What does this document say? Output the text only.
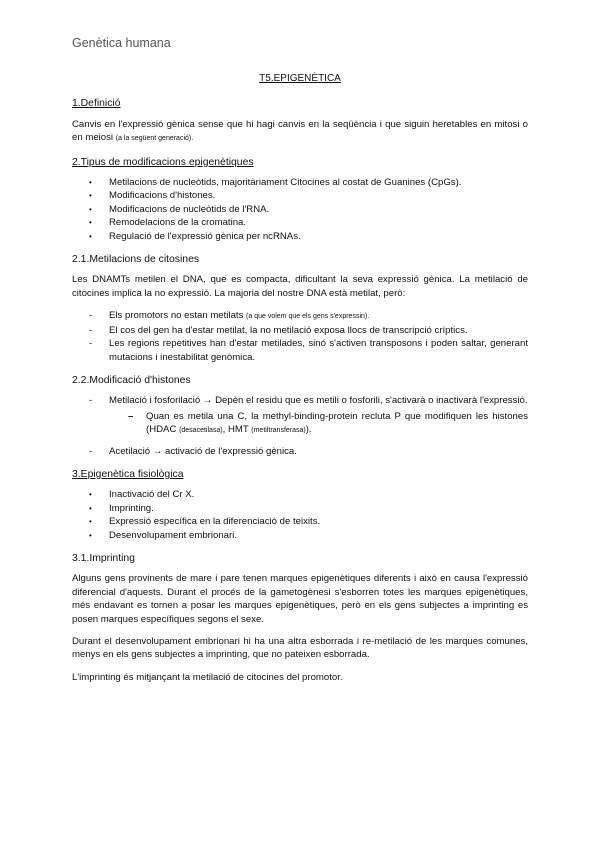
Genètica humana
T5.EPIGENÈTICA
1.Definició

Canvis en l'expressió gènica sense que hi hagi canvis en la seqüència i que siguin heretables en mitosi o en meiosi (a la següent generació).

2.Tipus de modificacions epigenètiques
• Metilacions de nucleòtids, majoritàriament Citocines al costat de Guanines (CpGs).
• Modificacions d'histones.
• Modificacions de nucleòtids de l'RNA.
• Remodelacions de la cromatina.
• Regulació de l'expressió gènica per ncRNAs.
2.1.Metilacions de citosines

Les DNAMTs metilen el DNA, que es compacta, dificultant la seva expressió gènica. La metilació de citocines implica la no expressió. La majoria del nostre DNA està metilat, però:

- Els promotors no estan metilats (a que volem que els gens s'expressin).
- El cos del gen ha d'estar metilat, la no metilació exposa llocs de transcripció críptics.
- Les regions repetitives han d'estar metilades, sinó s'activen transposons i poden saltar, generant mutacions i inestabilitat genòmica.
2.2.Modificació d'histones
- Metilació i fosforilació → Depèn el residu que es metili o fosforili, s'activarà o inactivarà l'expressió.
– Quan es metila una C, la methyl-binding-protein recluta P que modifiquen les histones (HDAC (desacetilasa), HMT (metiltransferasa)).
- Acetilació → activació de l'expressió gènica.
3.Epigenètica fisiològica
• Inactivació del Cr X.
• Imprinting.
• Expressió específica en la diferenciació de teixits.
• Desenvolupament embrionari.
3.1.Imprinting

Alguns gens provinents de mare i pare tenen marques epigenètiques diferents i això en causa l'expressió diferencial d'aquests. Durant el procés de la gametogènesi s'esborren totes les marques epigenètiques, més endavant es tornen a posar les marques epigenètiques, però en els gens subjectes a imprinting es posen marques específiques segons el sexe.

Durant el desenvolupament embrionari hi ha una altra esborrada i re-metilació de les marques comunes, menys en els gens subjectes a imprinting, que no pateixen esborrada.

L'imprinting és mitjançant la metilació de citocines del promotor.
